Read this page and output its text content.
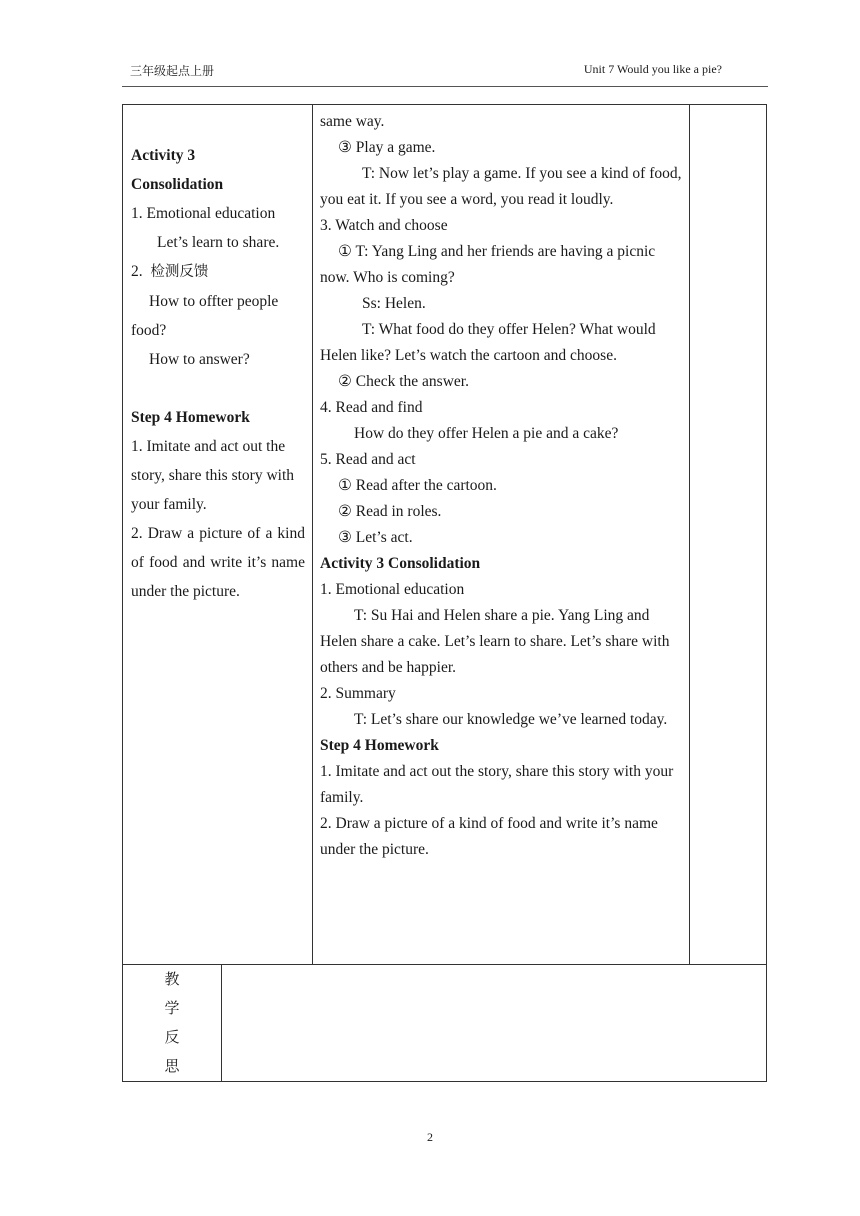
三年级起点上册	Unit 7 Would you like a pie?

Activity 3

Consolidation

1. Emotional education

Let’s learn to share.

2. 检测反馈

How to offter people food?

How to answer?

Step 4 Homework

1. Imitate and act out the story, share this story with your family.

2. Draw a picture of a kind of food and write it’s name under the picture.

same way.

③ Play a game.

T: Now let’s play a game. If you see a kind of food, you eat it. If you see a word, you read it loudly.

3. Watch and choose

① T: Yang Ling and her friends are having a picnic now. Who is coming?

Ss: Helen.

T: What food do they offer Helen? What would Helen like? Let’s watch the cartoon and choose.

② Check the answer.

4. Read and find

How do they offer Helen a pie and a cake?

5. Read and act

① Read after the cartoon.

② Read in roles.

③ Let’s act.

Activity 3 Consolidation

1. Emotional education

T: Su Hai and Helen share a pie. Yang Ling and Helen share a cake. Let’s learn to share. Let’s share with others and be happier.

2. Summary

T: Let’s share our knowledge we’ve learned today.

Step 4 Homework

1. Imitate and act out the story, share this story with your family.

2. Draw a picture of a kind of food and write it’s name under the picture.

教
学
反
思
2
